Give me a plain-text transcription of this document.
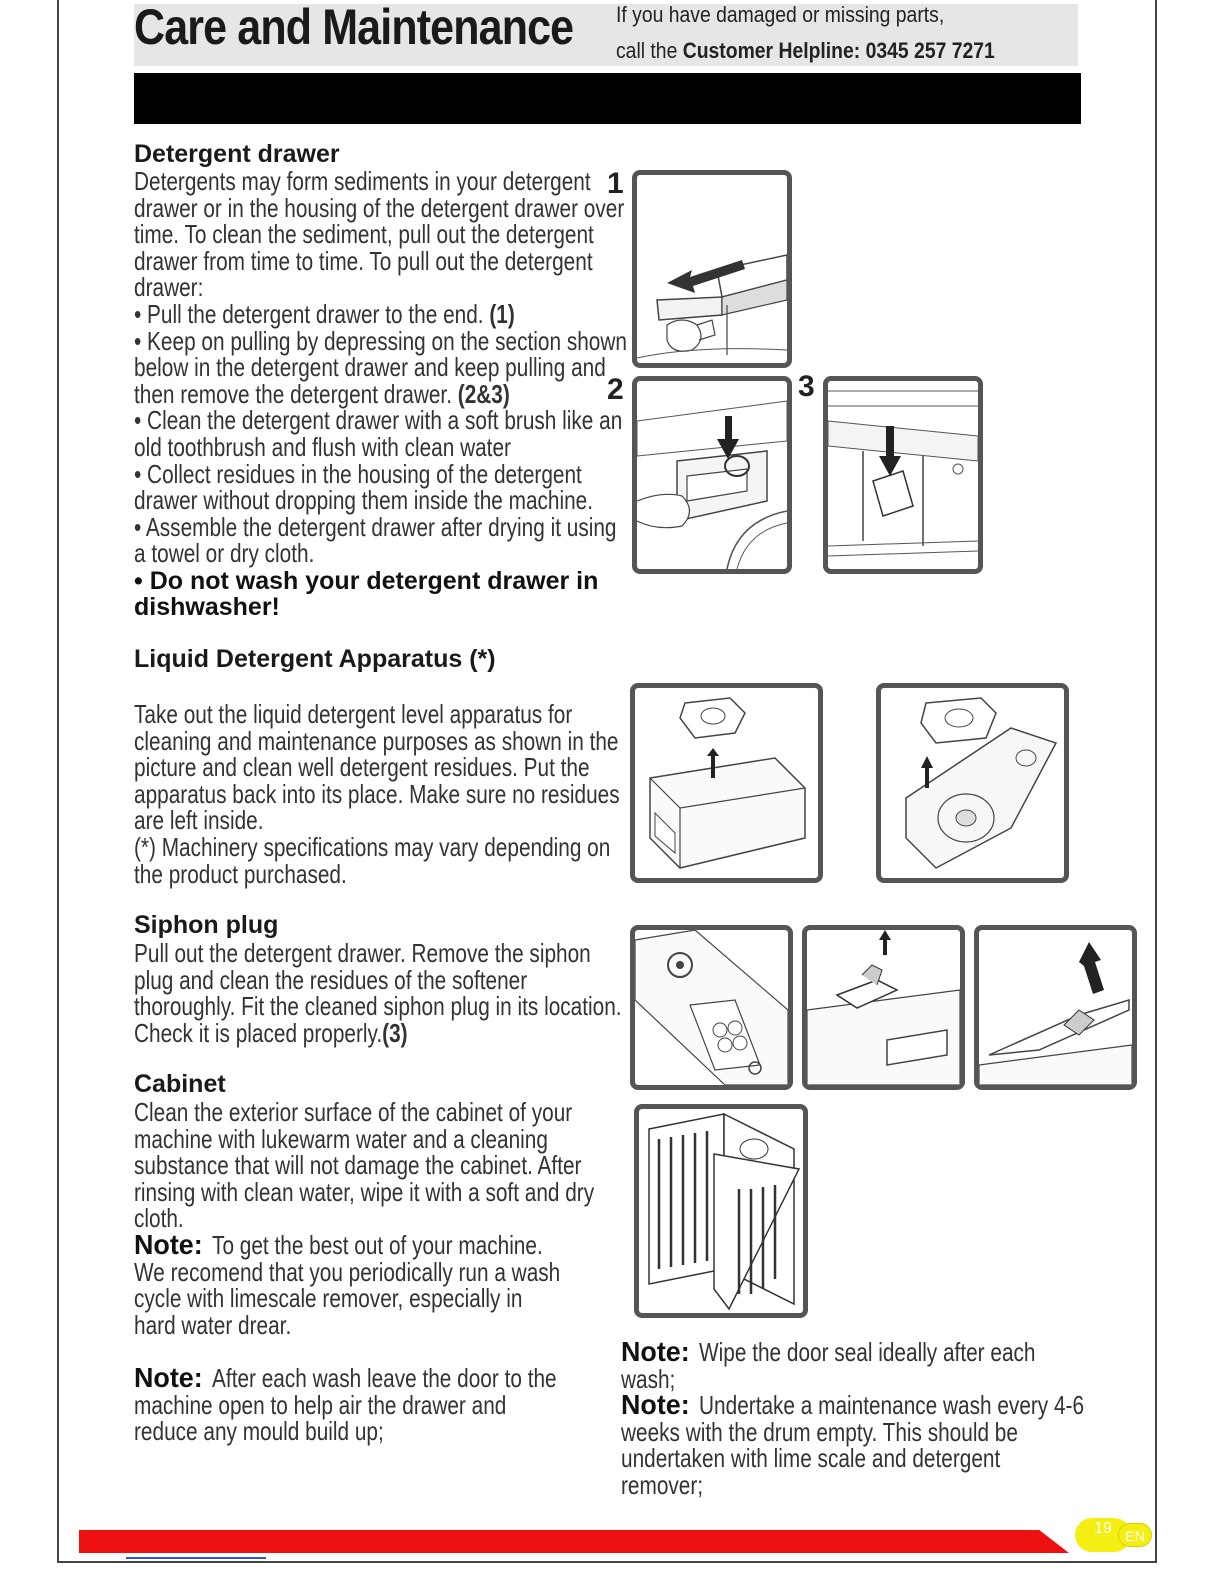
Care and Maintenance If you have damaged or missing parts,
call the Customer Helpline: 0345 257 7271
Detergent drawer
Detergents may form sediments in your detergent drawer or in the housing of the detergent drawer over time. To clean the sediment, pull out the detergent drawer from time to time. To pull out the detergent drawer:
• Pull the detergent drawer to the end. (1)
• Keep on pulling by depressing on the section shown below in the detergent drawer and keep pulling and then remove the detergent drawer. (2&3)
• Clean the detergent drawer with a soft brush like an old toothbrush and flush with clean water
• Collect residues in the housing of the detergent drawer without dropping them inside the machine.
• Assemble the detergent drawer after drying it using a towel or dry cloth.
• Do not wash your detergent drawer in dishwasher!
Liquid Detergent Apparatus (*)
Take out the liquid detergent level apparatus for cleaning and maintenance purposes as shown in the picture and clean well detergent residues. Put the apparatus back into its place. Make sure no residues are left inside.
(*) Machinery specifications may vary depending on the product purchased.
Siphon plug
Pull out the detergent drawer. Remove the siphon plug and clean the residues of the softener thoroughly. Fit the cleaned siphon plug in its location. Check it is placed properly.(3)
Cabinet
Clean the exterior surface of the cabinet of your machine with lukewarm water and a cleaning substance that will not damage the cabinet. After rinsing with clean water, wipe it with a soft and dry cloth.
Note: To get the best out of your machine. We recomend that you periodically run a wash cycle with limescale remover, especially in hard water drear.
Note: After each wash leave the door to the machine open to help air the drawer and reduce any mould build up;
Note: Wipe the door seal ideally after each wash;
Note: Undertake a maintenance wash every 4-6 weeks with the drum empty. This should be undertaken with lime scale and detergent remover;
1
2	3
19 EN
